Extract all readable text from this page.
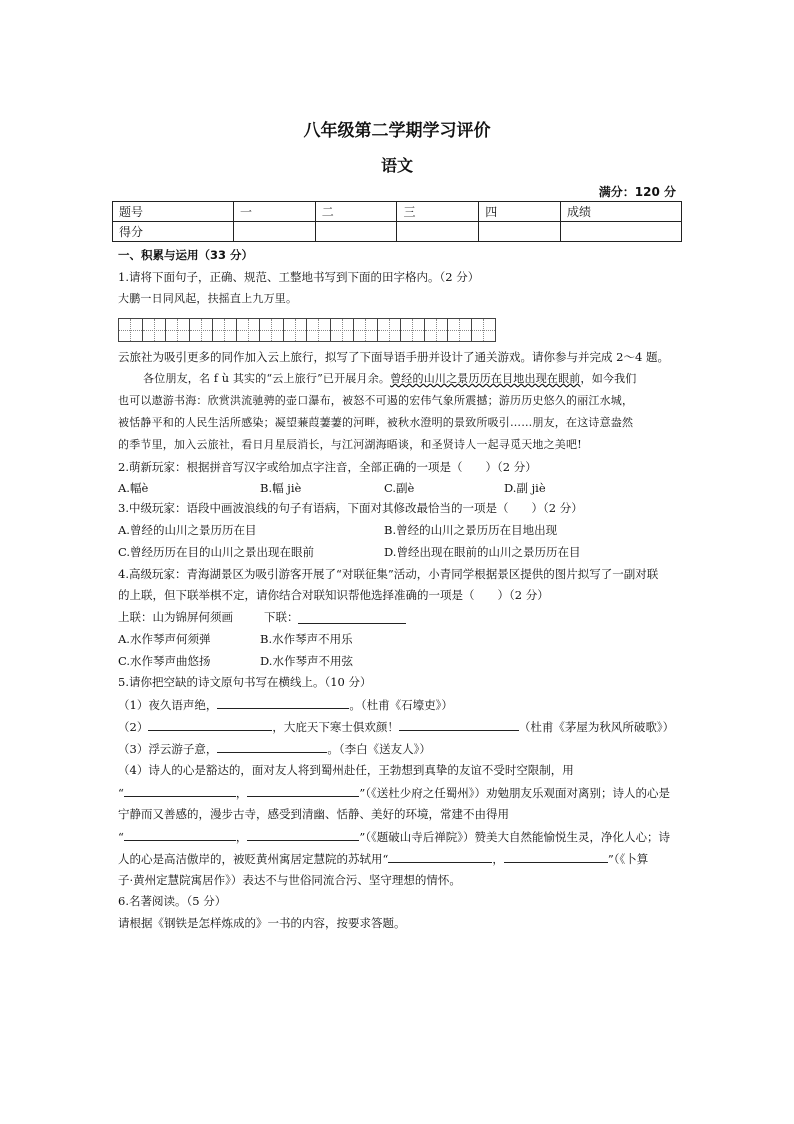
八年级第二学期学习评价
语文
满分：120 分
题号	一	二	三	四	成绩
得分					
一、积累与运用（33 分）
1.请将下面句子，正确、规范、工整地书写到下面的田字格内。（2 分）
大鹏一日同风起，扶摇直上九万里。
云旅社为吸引更多的同作加入云上旅行，拟写了下面导语手册并设计了通关游戏。请你参与并完成 2～4 题。
各位朋友，名 f ù 其实的“云上旅行”已开展月余。曾经的山川之景历历在目地出现在眼前，如今我们
也可以遨游书海：欣赏洪流驰骋的壶口瀑布，被怒不可遏的宏伟气象所震撼；游历历史悠久的丽江水城，
被恬静平和的人民生活所感染；凝望蒹葭萋萋的河畔，被秋水澄明的景致所吸引……朋友，在这诗意盎然
的季节里，加入云旅社，看日月星辰消长，与江河湖海晤谈，和圣贤诗人一起寻觅天地之美吧!
2.萌新玩家：根据拼音写汉字或给加点字注音，全部正确的一项是（　　）（2 分）
A.幅è	B.幅 jiè	C.副è	D.副 jiè
3.中级玩家：语段中画波浪线的句子有语病，下面对其修改最恰当的一项是（　　）（2 分）
A.曾经的山川之景历历在目	B.曾经的山川之景历历在目地出现
C.曾经历历在目的山川之景出现在眼前	D.曾经出现在眼前的山川之景历历在目
4.高级玩家：青海湖景区为吸引游客开展了“对联征集”活动，小青同学根据景区提供的图片拟写了一副对联
的上联，但下联举棋不定，请你结合对联知识帮他选择准确的一项是（　　）（2 分）
上联：山为锦屏何须画	下联：
A.水作琴声何须弹	B.水作琴声不用乐
C.水作琴声曲悠扬	D.水作琴声不用弦
5.请你把空缺的诗文原句书写在横线上。（10 分）
（1）夜久语声绝，	。（杜甫《石壕吏》）
（2）	，大庇天下寒士俱欢颜！	（杜甫《茅屋为秋风所破歌》）
（3）浮云游子意，	。（李白《送友人》）
（4）诗人的心是豁达的，面对友人将到蜀州赴任，王勃想到真挚的友谊不受时空限制，用
“	，	”（《送杜少府之任蜀州》）劝勉朋友乐观面对离别；诗人的心是
宁静而又善感的，漫步古寺，感受到清幽、恬静、美好的环境，常建不由得用
“	，	”（《题破山寺后禅院》）赞美大自然能愉悦生灵，净化人心；诗
人的心是高洁傲岸的，被贬黄州寓居定慧院的苏轼用“	，	”（《卜算
子·黄州定慧院寓居作》）表达不与世俗同流合污、坚守理想的情怀。
6.名著阅读。（5 分）
请根据《钢铁是怎样炼成的》一书的内容，按要求答题。
